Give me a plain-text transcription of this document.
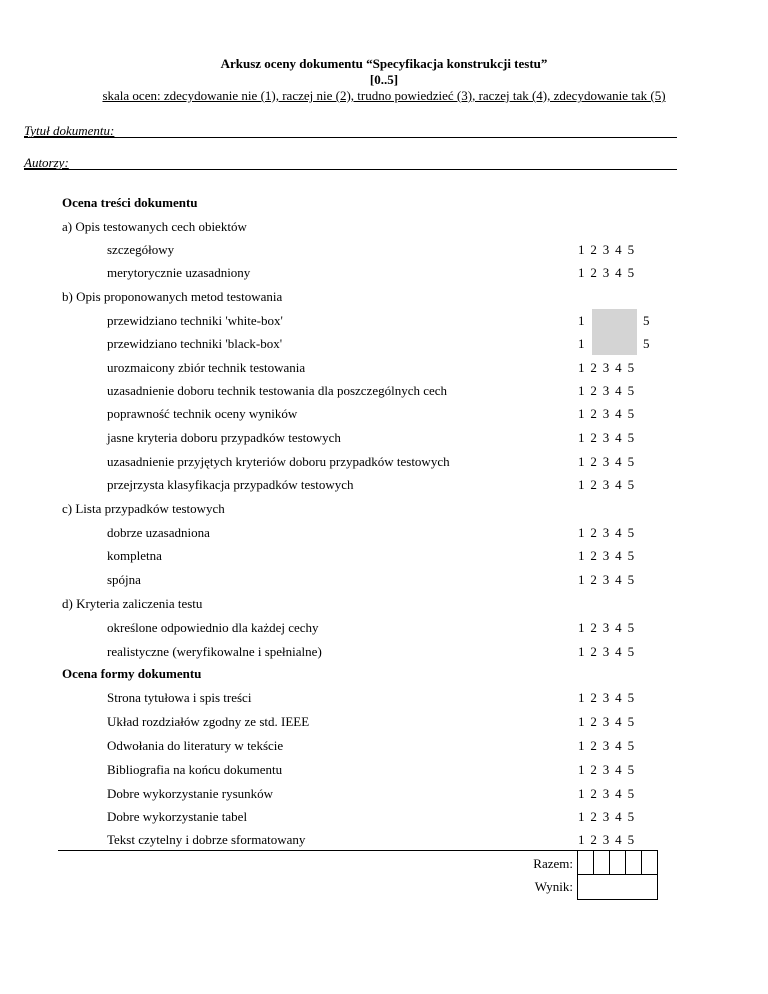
Arkusz oceny dokumentu “Specyfikacja konstrukcji testu”
[0..5]
skala ocen: zdecydowanie nie (1), raczej nie (2), trudno powiedzieć (3), raczej tak (4), zdecydowanie tak (5)
Tytuł dokumentu:
Autorzy:
Ocena treści dokumentu
a) Opis testowanych cech obiektów
szczegółowy	1 2 3 4 5
merytorycznie uzasadniony	1 2 3 4 5
b) Opis proponowanych metod testowania
przewidziano techniki 'white-box'	1	5
przewidziano techniki 'black-box'	1	5
urozmaicony zbiór technik testowania	1 2 3 4 5
uzasadnienie doboru technik testowania dla poszczególnych cech	1 2 3 4 5
poprawność technik oceny wyników	1 2 3 4 5
jasne kryteria doboru przypadków testowych	1 2 3 4 5
uzasadnienie przyjętych kryteriów doboru przypadków testowych	1 2 3 4 5
przejrzysta klasyfikacja przypadków testowych	1 2 3 4 5
c) Lista przypadków testowych
dobrze uzasadniona	1 2 3 4 5
kompletna	1 2 3 4 5
spójna	1 2 3 4 5
d) Kryteria zaliczenia testu
określone odpowiednio dla każdej cechy	1 2 3 4 5
realistyczne (weryfikowalne i spełnialne)	1 2 3 4 5
Ocena formy dokumentu
Strona tytułowa i spis treści	1 2 3 4 5
Układ rozdziałów zgodny ze std. IEEE	1 2 3 4 5
Odwołania do literatury w tekście	1 2 3 4 5
Bibliografia na końcu dokumentu	1 2 3 4 5
Dobre wykorzystanie rysunków	1 2 3 4 5
Dobre wykorzystanie tabel	1 2 3 4 5
Tekst czytelny i dobrze sformatowany	1 2 3 4 5
Razem:
Wynik:
